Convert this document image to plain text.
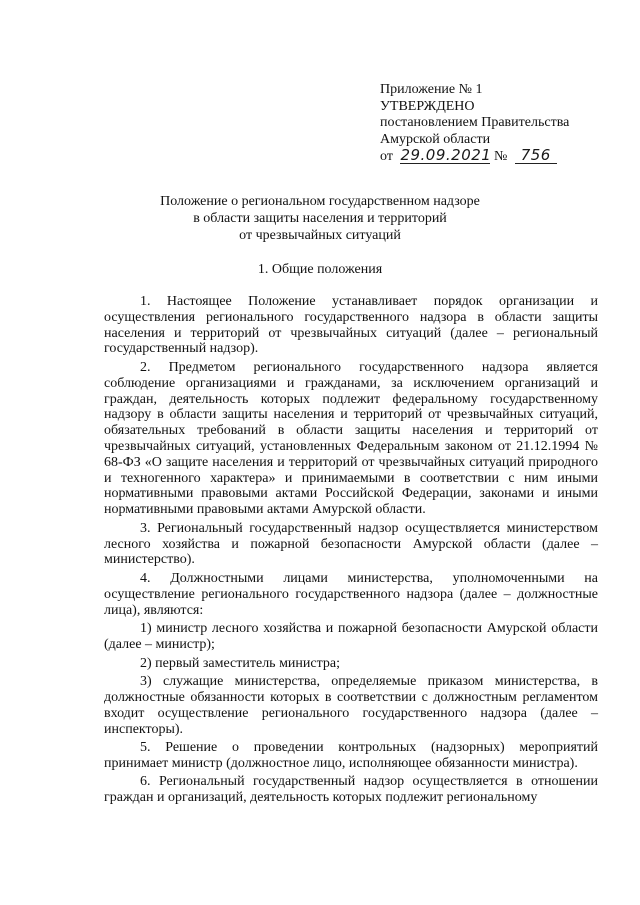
Приложение № 1
УТВЕРЖДЕНО
постановлением Правительства
Амурской области
от 29.09.2021 № 756
Положение о региональном государственном надзоре
в области защиты населения и территорий
от чрезвычайных ситуаций
1. Общие положения

1. Настоящее Положение устанавливает порядок организации и осуществления регионального государственного надзора в области защиты населения и территорий от чрезвычайных ситуаций (далее – региональный государственный надзор).

2. Предметом регионального государственного надзора является соблюдение организациями и гражданами, за исключением организаций и граждан, деятельность которых подлежит федеральному государственному надзору в области защиты населения и территорий от чрезвычайных ситуаций, обязательных требований в области защиты населения и территорий от чрезвычайных ситуаций, установленных Федеральным законом от 21.12.1994 № 68-ФЗ «О защите населения и территорий от чрезвычайных ситуаций природного и техногенного характера» и принимаемыми в соответствии с ним иными нормативными правовыми актами Российской Федерации, законами и иными нормативными правовыми актами Амурской области.

3. Региональный государственный надзор осуществляется министерством лесного хозяйства и пожарной безопасности Амурской области (далее – министерство).

4. Должностными лицами министерства, уполномоченными на осуществление регионального государственного надзора (далее – должностные лица), являются:

1) министр лесного хозяйства и пожарной безопасности Амурской области (далее – министр);

2) первый заместитель министра;

3) служащие министерства, определяемые приказом министерства, в должностные обязанности которых в соответствии с должностным регламентом входит осуществление регионального государственного надзора (далее – инспекторы).

5. Решение о проведении контрольных (надзорных) мероприятий принимает министр (должностное лицо, исполняющее обязанности министра).

6. Региональный государственный надзор осуществляется в отношении граждан и организаций, деятельность которых подлежит региональному
